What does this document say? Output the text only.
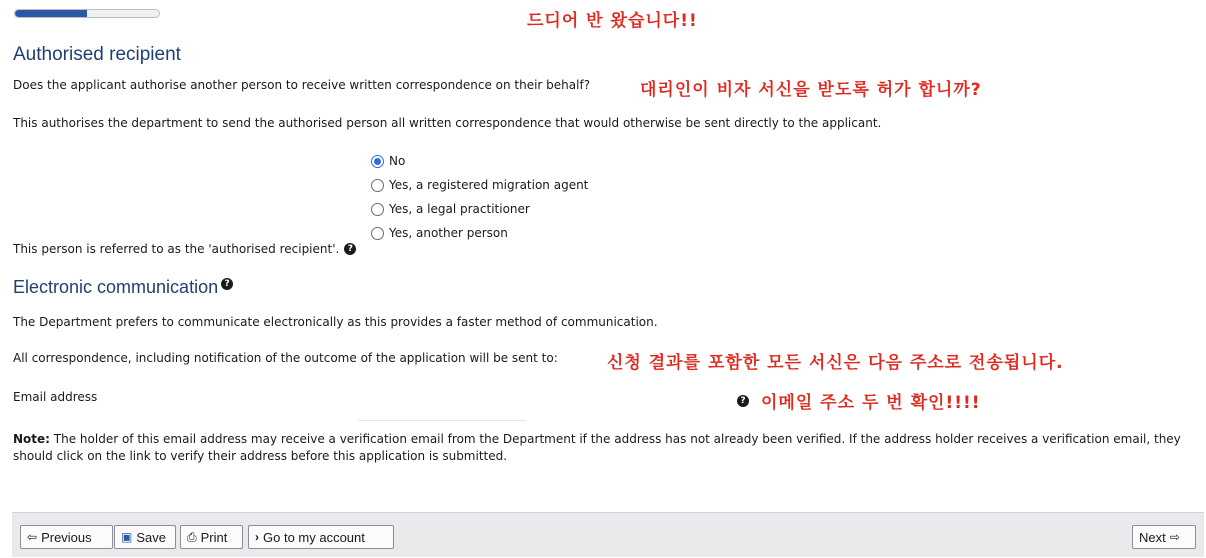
드디어 반 왔습니다!!
대리인이 비자 서신을 받도록 허가 합니까?
신청 결과를 포함한 모든 서신은 다음 주소로 전송됩니다.
? 이메일 주소 두 번 확인!!!!
Authorised recipient
Does the applicant authorise another person to receive written correspondence on their behalf?
This authorises the department to send the authorised person all written correspondence that would otherwise be sent directly to the applicant.
No
Yes, a registered migration agent
Yes, a legal practitioner
Yes, another person
This person is referred to as the 'authorised recipient'. ?
Electronic communication ?
The Department prefers to communicate electronically as this provides a faster method of communication.
All correspondence, including notification of the outcome of the application will be sent to:
Email address
Note: The holder of this email address may receive a verification email from the Department if the address has not already been verified. If the address holder receives a verification email, they should click on the link to verify their address before this application is submitted.
⇦ Previous ▣ Save ⎙ Print › Go to my account	Next ⇨
